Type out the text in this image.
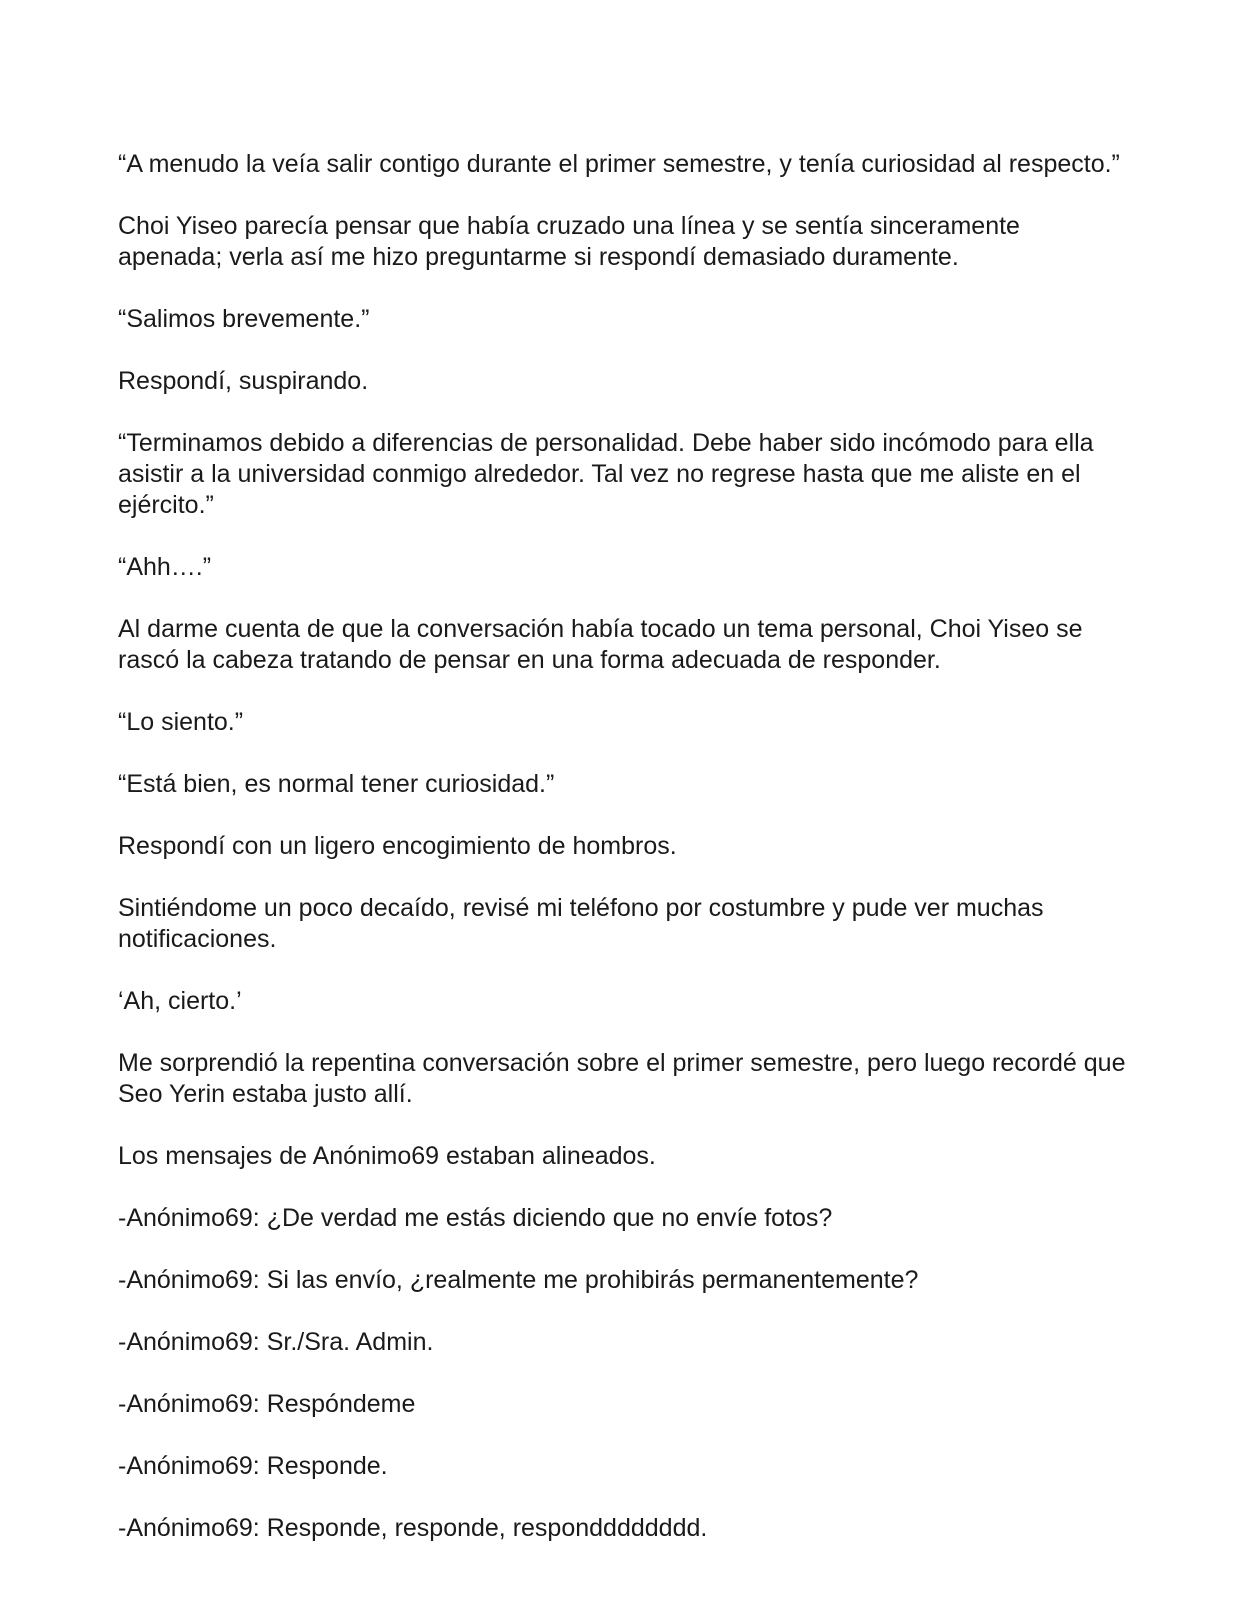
“A menudo la veía salir contigo durante el primer semestre, y tenía curiosidad al respecto.”

Choi Yiseo parecía pensar que había cruzado una línea y se sentía sinceramente apenada; verla así me hizo preguntarme si respondí demasiado duramente.

“Salimos brevemente.”

Respondí, suspirando.

“Terminamos debido a diferencias de personalidad. Debe haber sido incómodo para ella asistir a la universidad conmigo alrededor. Tal vez no regrese hasta que me aliste en el ejército.”

“Ahh….”

Al darme cuenta de que la conversación había tocado un tema personal, Choi Yiseo se rascó la cabeza tratando de pensar en una forma adecuada de responder.

“Lo siento.”

“Está bien, es normal tener curiosidad.”

Respondí con un ligero encogimiento de hombros.

Sintiéndome un poco decaído, revisé mi teléfono por costumbre y pude ver muchas notificaciones.

‘Ah, cierto.’

Me sorprendió la repentina conversación sobre el primer semestre, pero luego recordé que Seo Yerin estaba justo allí.

Los mensajes de Anónimo69 estaban alineados.

-Anónimo69: ¿De verdad me estás diciendo que no envíe fotos?

-Anónimo69: Si las envío, ¿realmente me prohibirás permanentemente?

-Anónimo69: Sr./Sra. Admin.

-Anónimo69: Respóndeme

-Anónimo69: Responde.

-Anónimo69: Responde, responde, respondddddddd.
